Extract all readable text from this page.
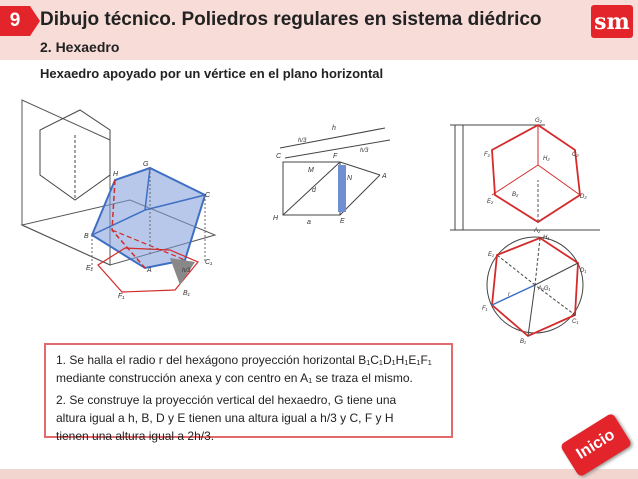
9	Dibujo técnico. Poliedros regulares en sistema diédrico
2. Hexaedro
sm
Hexaedro apoyado por un vértice en el plano horizontal
B
C
G
H
A
E₁
C₁
B₁
F₁
h/3
C	F
M
N	A
E
H
d
a
h
h/3
h/3
G₂
H₂
C₂
F₂
B₂	D₂
E₂
A₂
H₁
E₁
D₁
F₁
C₁
B₁
A₁G₁
r
1. Se halla el radio r del hexágono proyección horizontal B₁C₁D₁H₁E₁F₁
mediante construcción anexa y con centro en A₁ se traza el mismo.
2. Se construye la proyección vertical del hexaedro, G tiene una
altura igual a h, B, D y E tienen una altura igual a h/3 y C, F y H
tienen una altura igual a 2h/3.	Inicio
